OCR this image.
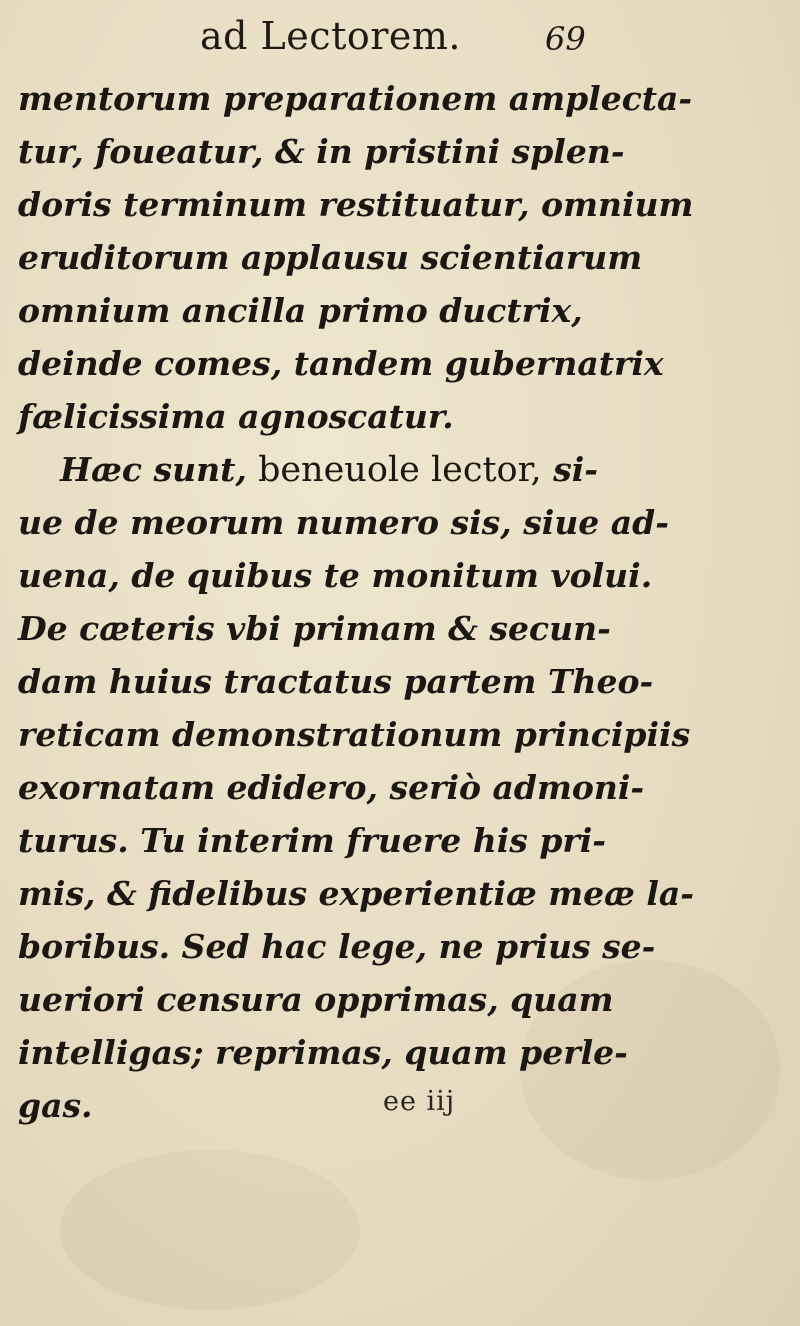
ad Lectorem.	69
mentorum preparationem amplecta-
tur, foueatur, & in pristini splen-
doris terminum restituatur, omnium
eruditorum applausu scientiarum
omnium ancilla primo ductrix,
deinde comes, tandem gubernatrix
fælicissima agnoscatur.
Hæc sunt, beneuole lector, si-
ue de meorum numero sis, siue ad-
uena, de quibus te monitum volui.
De cæteris vbi primam & secun-
dam huius tractatus partem Theo-
reticam demonstrationum principiis
exornatam edidero, seriò admoni-
turus. Tu interim fruere his pri-
mis, & fidelibus experientiæ meæ la-
boribus. Sed hac lege, ne prius se-
ueriori censura opprimas, quam
intelligas; reprimas, quam perle-
gas.	ee iij
